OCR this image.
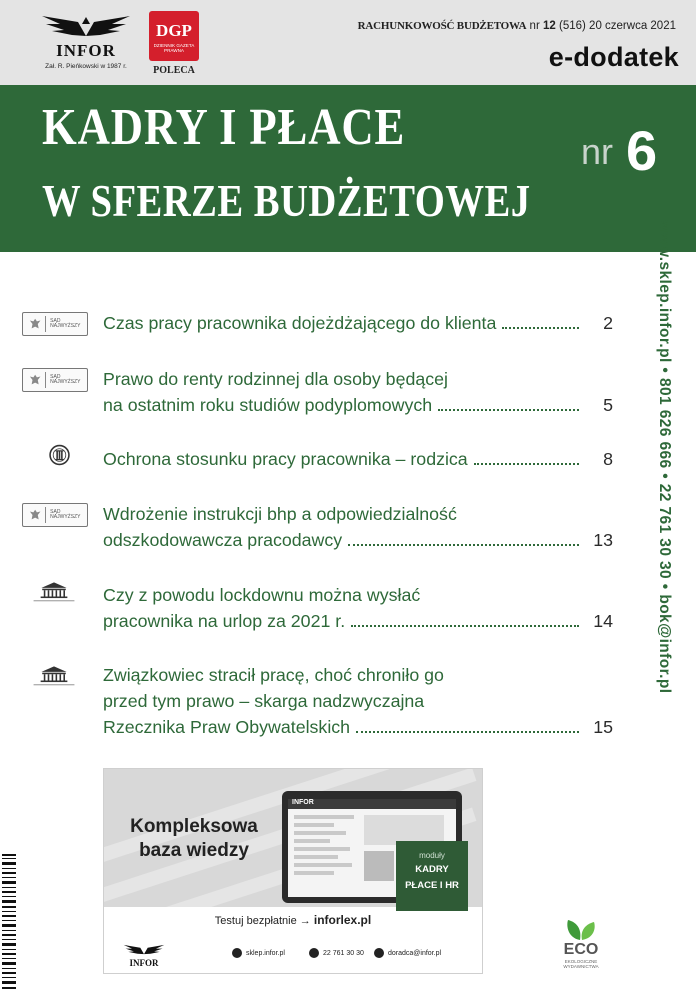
INFOR
Zał. R. Pieńkowski w 1987 r.
DGP
DZIENNIK GAZETA PRAWNA
POLECA
RACHUNKOWOŚĆ BUDŻETOWA nr 12 (516) 20 czerwca 2021
e-dodatek
KADRY I PŁACE
W SFERZE BUDŻETOWEJ
nr 6
www.sklep.infor.pl • 801 626 666 • 22 761 30 30 • bok@infor.pl
SĄD NAJWYŻSZY	Czas pracy pracownika dojeżdżającego do klienta	2
SĄD NAJWYŻSZY	Prawo do renty rodzinnej dla osoby będącej
na ostatnim roku studiów podyplomowych	5
Ochrona stosunku pracy pracownika – rodzica	8
SĄD NAJWYŻSZY	Wdrożenie instrukcji bhp a odpowiedzialność
odszkodowawcza pracodawcy	13
Czy z powodu lockdownu można wysłać
pracownika na urlop za 2021 r.	14
Związkowiec stracił pracę, choć chroniło go
przed tym prawo – skarga nadzwyczajna
Rzecznika Praw Obywatelskich	15
Kompleksowa
baza wiedzy
INFOR
moduły
KADRY
PŁACE I HR
Testuj bezpłatnie → inforlex.pl
INFOR
sklep.infor.pl	22 761 30 30	doradca@infor.pl	ECO
EKOLOGICZNE WYDAWNICTWA
